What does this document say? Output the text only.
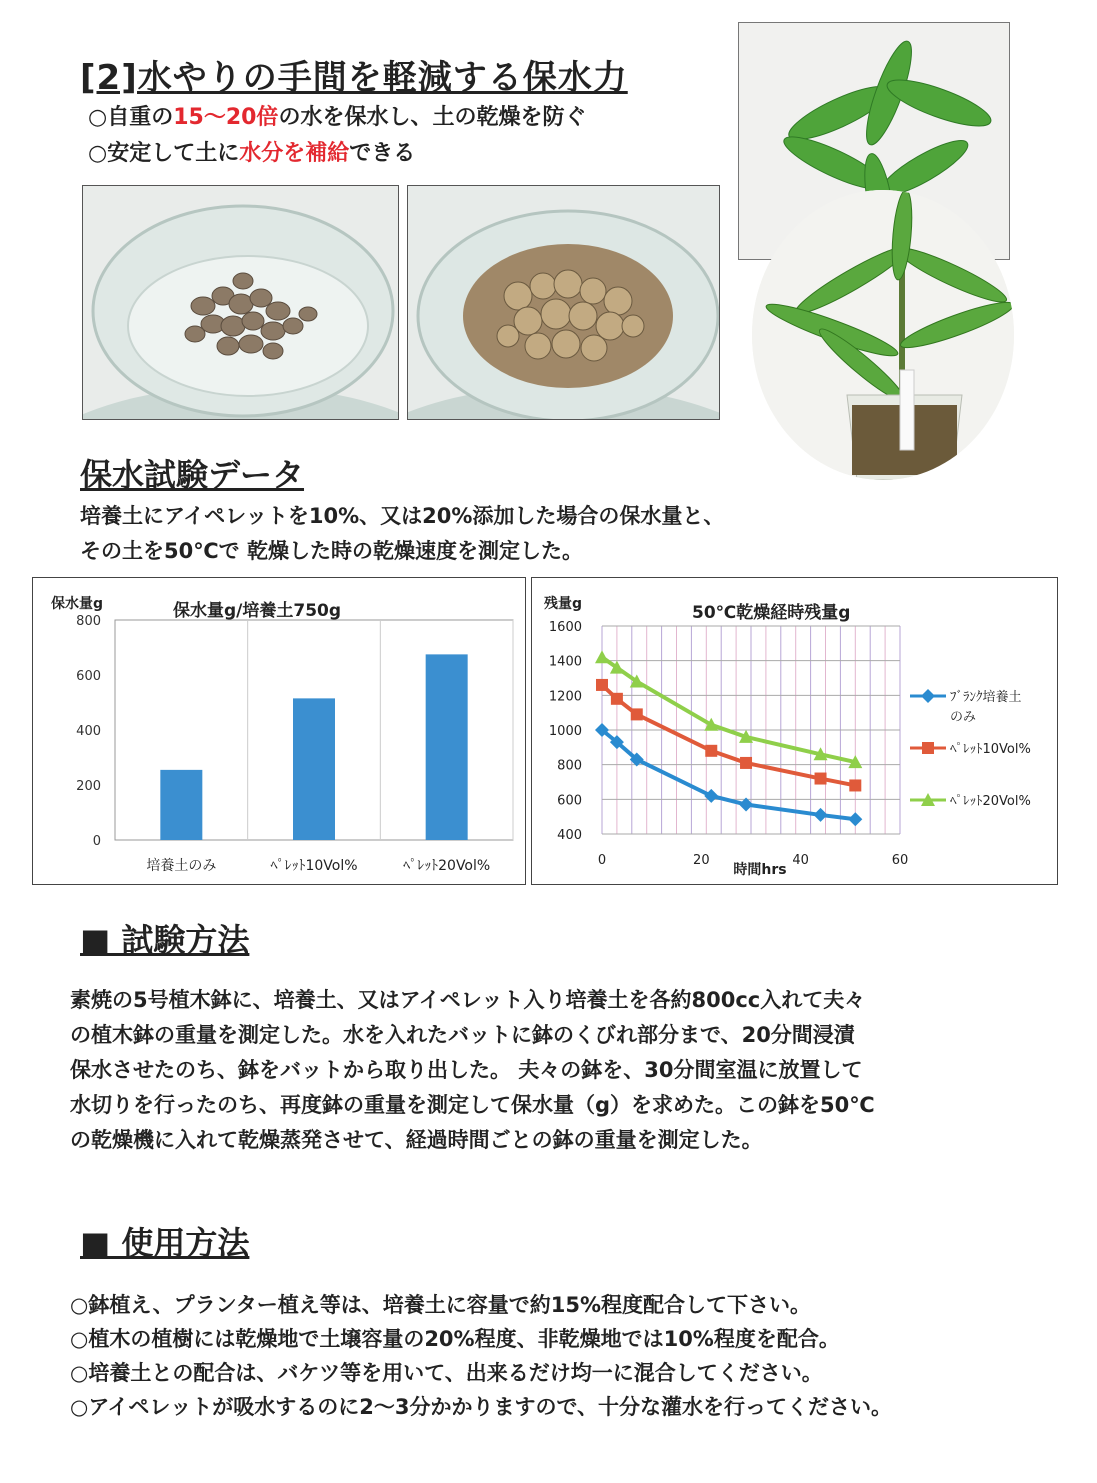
[2]水やりの手間を軽減する保水力
○自重の15～20倍の水を保水し、土の乾燥を防ぐ
○安定して土に水分を補給できる
保水試験データ
培養土にアイペレットを10%、又は20%添加した場合の保水量と、
その土を50℃で 乾燥した時の乾燥速度を測定した。
保水量g	保水量g/培養土750g
0
200
400
600
800
培養土のみ	ﾍﾟﾚｯﾄ10Vol%	ﾍﾟﾚｯﾄ20Vol%
残量g	50℃乾燥経時残量g
400
600
800
1000
1200
1400
1600
0	20	40	60
時間hrs
ﾌﾞﾗﾝｸ培養土
のみ
ﾍﾟﾚｯﾄ10Vol%
ﾍﾟﾚｯﾄ20Vol%
■ 試験方法
素焼の5号植木鉢に、培養土、又はアイペレット入り培養土を各約800cc入れて夫々
の植木鉢の重量を測定した。水を入れたバットに鉢のくびれ部分まで、20分間浸漬
保水させたのち、鉢をバットから取り出した。 夫々の鉢を、30分間室温に放置して
水切りを行ったのち、再度鉢の重量を測定して保水量（g）を求めた。この鉢を50℃
の乾燥機に入れて乾燥蒸発させて、経過時間ごとの鉢の重量を測定した。
■ 使用方法
○鉢植え、プランター植え等は、培養土に容量で約15%程度配合して下さい。
○植木の植樹には乾燥地で土壌容量の20%程度、非乾燥地では10%程度を配合。
○培養土との配合は、バケツ等を用いて、出来るだけ均一に混合してください。
○アイペレットが吸水するのに2～3分かかりますので、十分な灌水を行ってください。
